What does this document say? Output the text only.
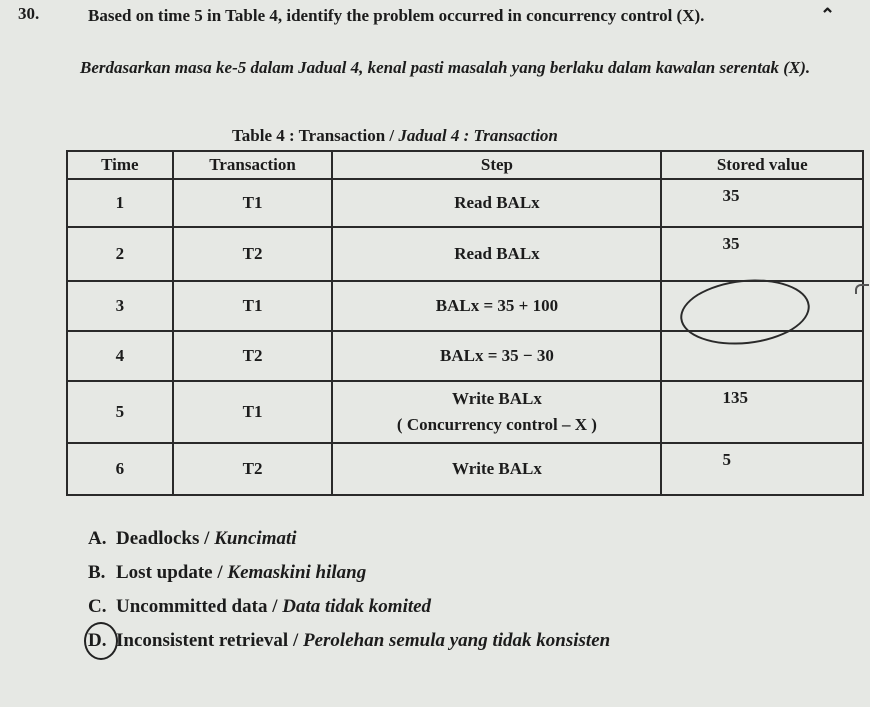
30.	Based on time 5 in Table 4, identify the problem occurred in concurrency control (X).
Berdasarkan masa ke-5 dalam Jadual 4, kenal pasti masalah yang berlaku dalam kawalan serentak (X).
⌃
Table 4 : Transaction / Jadual 4 : Transaction
Time	Transaction	Step	Stored value
1	T1	Read BALx	35
2	T2	Read BALx	35
3	T1	BALx = 35 + 100	
4	T2	BALx = 35 − 30	
5	T1	Write BALx
( Concurrency control – X )	135
6	T2	Write BALx	5
A. Deadlocks / Kuncimati
B. Lost update / Kemaskini hilang
C. Uncommitted data / Data tidak komited
D. Inconsistent retrieval / Perolehan semula yang tidak konsisten
